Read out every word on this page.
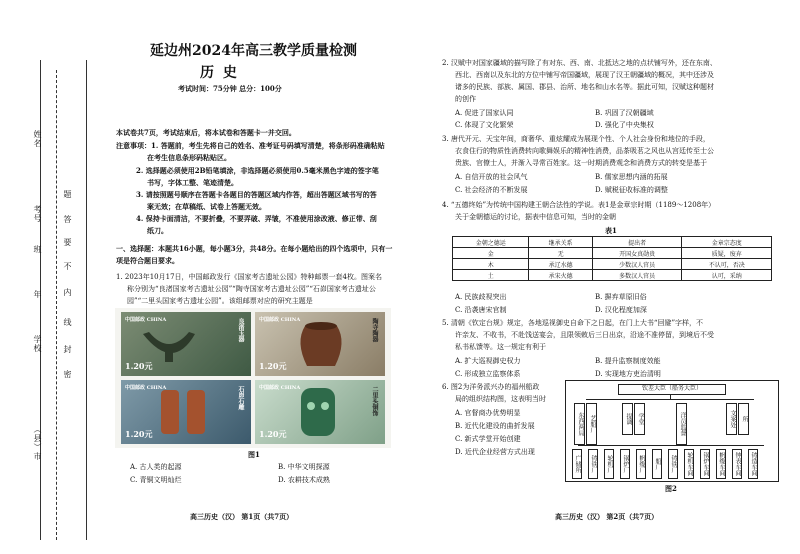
姓名
考号
班
年
学校
（县）市
题
答
要
不
内
线
封
密
延边州2024年高三教学质量检测
历 史
考试时间：75分钟 总分：100分
本试卷共7页，考试结束后，将本试卷和答题卡一并交回。
注意事项：1. 答题前，考生先将自己的姓名、准考证号码填写清楚，将条形码准确粘贴
在考生信息条形码粘贴区。
2. 选择题必须使用2B铅笔填涂，非选择题必须使用0.5毫米黑色字迹的签字笔
书写，字体工整、笔迹清楚。
3. 请按照题号顺序在答题卡各题目的答题区域内作答，超出答题区域书写的答
案无效；在草稿纸、试卷上答题无效。
4. 保持卡面清洁，不要折叠，不要弄破、弄皱，不准使用涂改液、修正带、刮
纸刀。
一、选择题：本题共16小题，每小题3分，共48分。在每小题给出的四个选项中，只有一
项是符合题目要求。
1. 2023年10月17日，中国邮政发行《国家考古遗址公园》特种邮票一套4枚。图案名
称分别为“良渚国家考古遗址公园”“陶寺国家考古遗址公园”“石峁国家考古遗址公
园”“二里头国家考古遗址公园”。该组邮票对应的研究主题是
中国邮政 CHINA
1.20元
良渚玉器	中国邮政 CHINA
1.20元
陶寺陶器
中国邮政 CHINA
1.20元
石峁石雕	中国邮政 CHINA
1.20元
二里头铜饰
图1
A. 古人类的起源	B. 中华文明探源
C. 青铜文明灿烂	D. 农耕技术成熟
高三历史（汉） 第1页（共7页）
2. 汉赋中对国家疆域的描写除了有对东、西、南、北抵达之地的点状铺写外，还在东南、
西北、西南以及东北的方位中铺写帝国疆域，展现了汉王朝疆域的概况，其中还涉及
诸多的民族、部族、属国、郡县、治所、地名和山水名等。据此可知，汉赋这种题材
的创作
A. 促进了国家认同	B. 巩固了汉朝疆域
C. 体现了文化繁荣	D. 强化了中央集权
3. 唐代开元、天宝年间，商奢华、重炫耀成为展现个性、个人社会身份和地位的手段，
衣食住行的物质性消费转向歌舞娱乐的精神性消费，品茶吸茗之风也从宫廷传至士公
贵族、官僚士人，并渐入寻常百姓家。这一时期消费观念和消费方式的转变是基于
A. 自信开放的社会风气	B. 儒家思想内涵的拓展
C. 社会经济的不断发展	D. 赋税征收标准的调整
4. “五德终始”为传统中国构建王朝合法性的学说。表1是金章宗时期（1189～1208年）
关于金朝德运的讨论，据表中信息可知，当时的金朝
表1
金朝之德运	继承关系	提出者	金章宗态度
金	无	开国女真勋贵	质疑，废弃
木	承辽水德	少数汉人官员	不认可，否决
土	承宋火德	多数汉人官员	认可，采纳
A. 民族歧视突出	B. 摒弃草原旧俗
C. 沿袭唐宋官制	D. 汉化程度加深
5. 清朝《钦定台规》规定，各地巡视御史自命下之日起，在门上大书“回避”字样，不
许亲友、不收书，不赴饯送宴会，且限领敕后三日出京，沿途不准停留，到境后不受
私书私馈等。这一规定有利于
A. 扩大巡视御史权力	B. 提升监察制度效能
C. 形成独立监察体系	D. 实现地方吏治清明
6. 图2为洋务派兴办的福州船政
局的组织结构图，这表明当时
A. 官督商办优势明显
B. 近代化建设的曲折发展
C. 新式学堂开始创建
D. 近代企业经营方式出现
钦差大臣（船务大臣）
东西两局 艺船厂	提调 学堂	洋员监督	文案处 所
广储所	铸铁厂	轮机厂	锅炉厂	帆缆厂	船厂	铸铁厂	轮机车间	锅炉车间	帆缆车间	钟表车间	铸造车间
图2
高三历史（汉） 第2页（共7页）
